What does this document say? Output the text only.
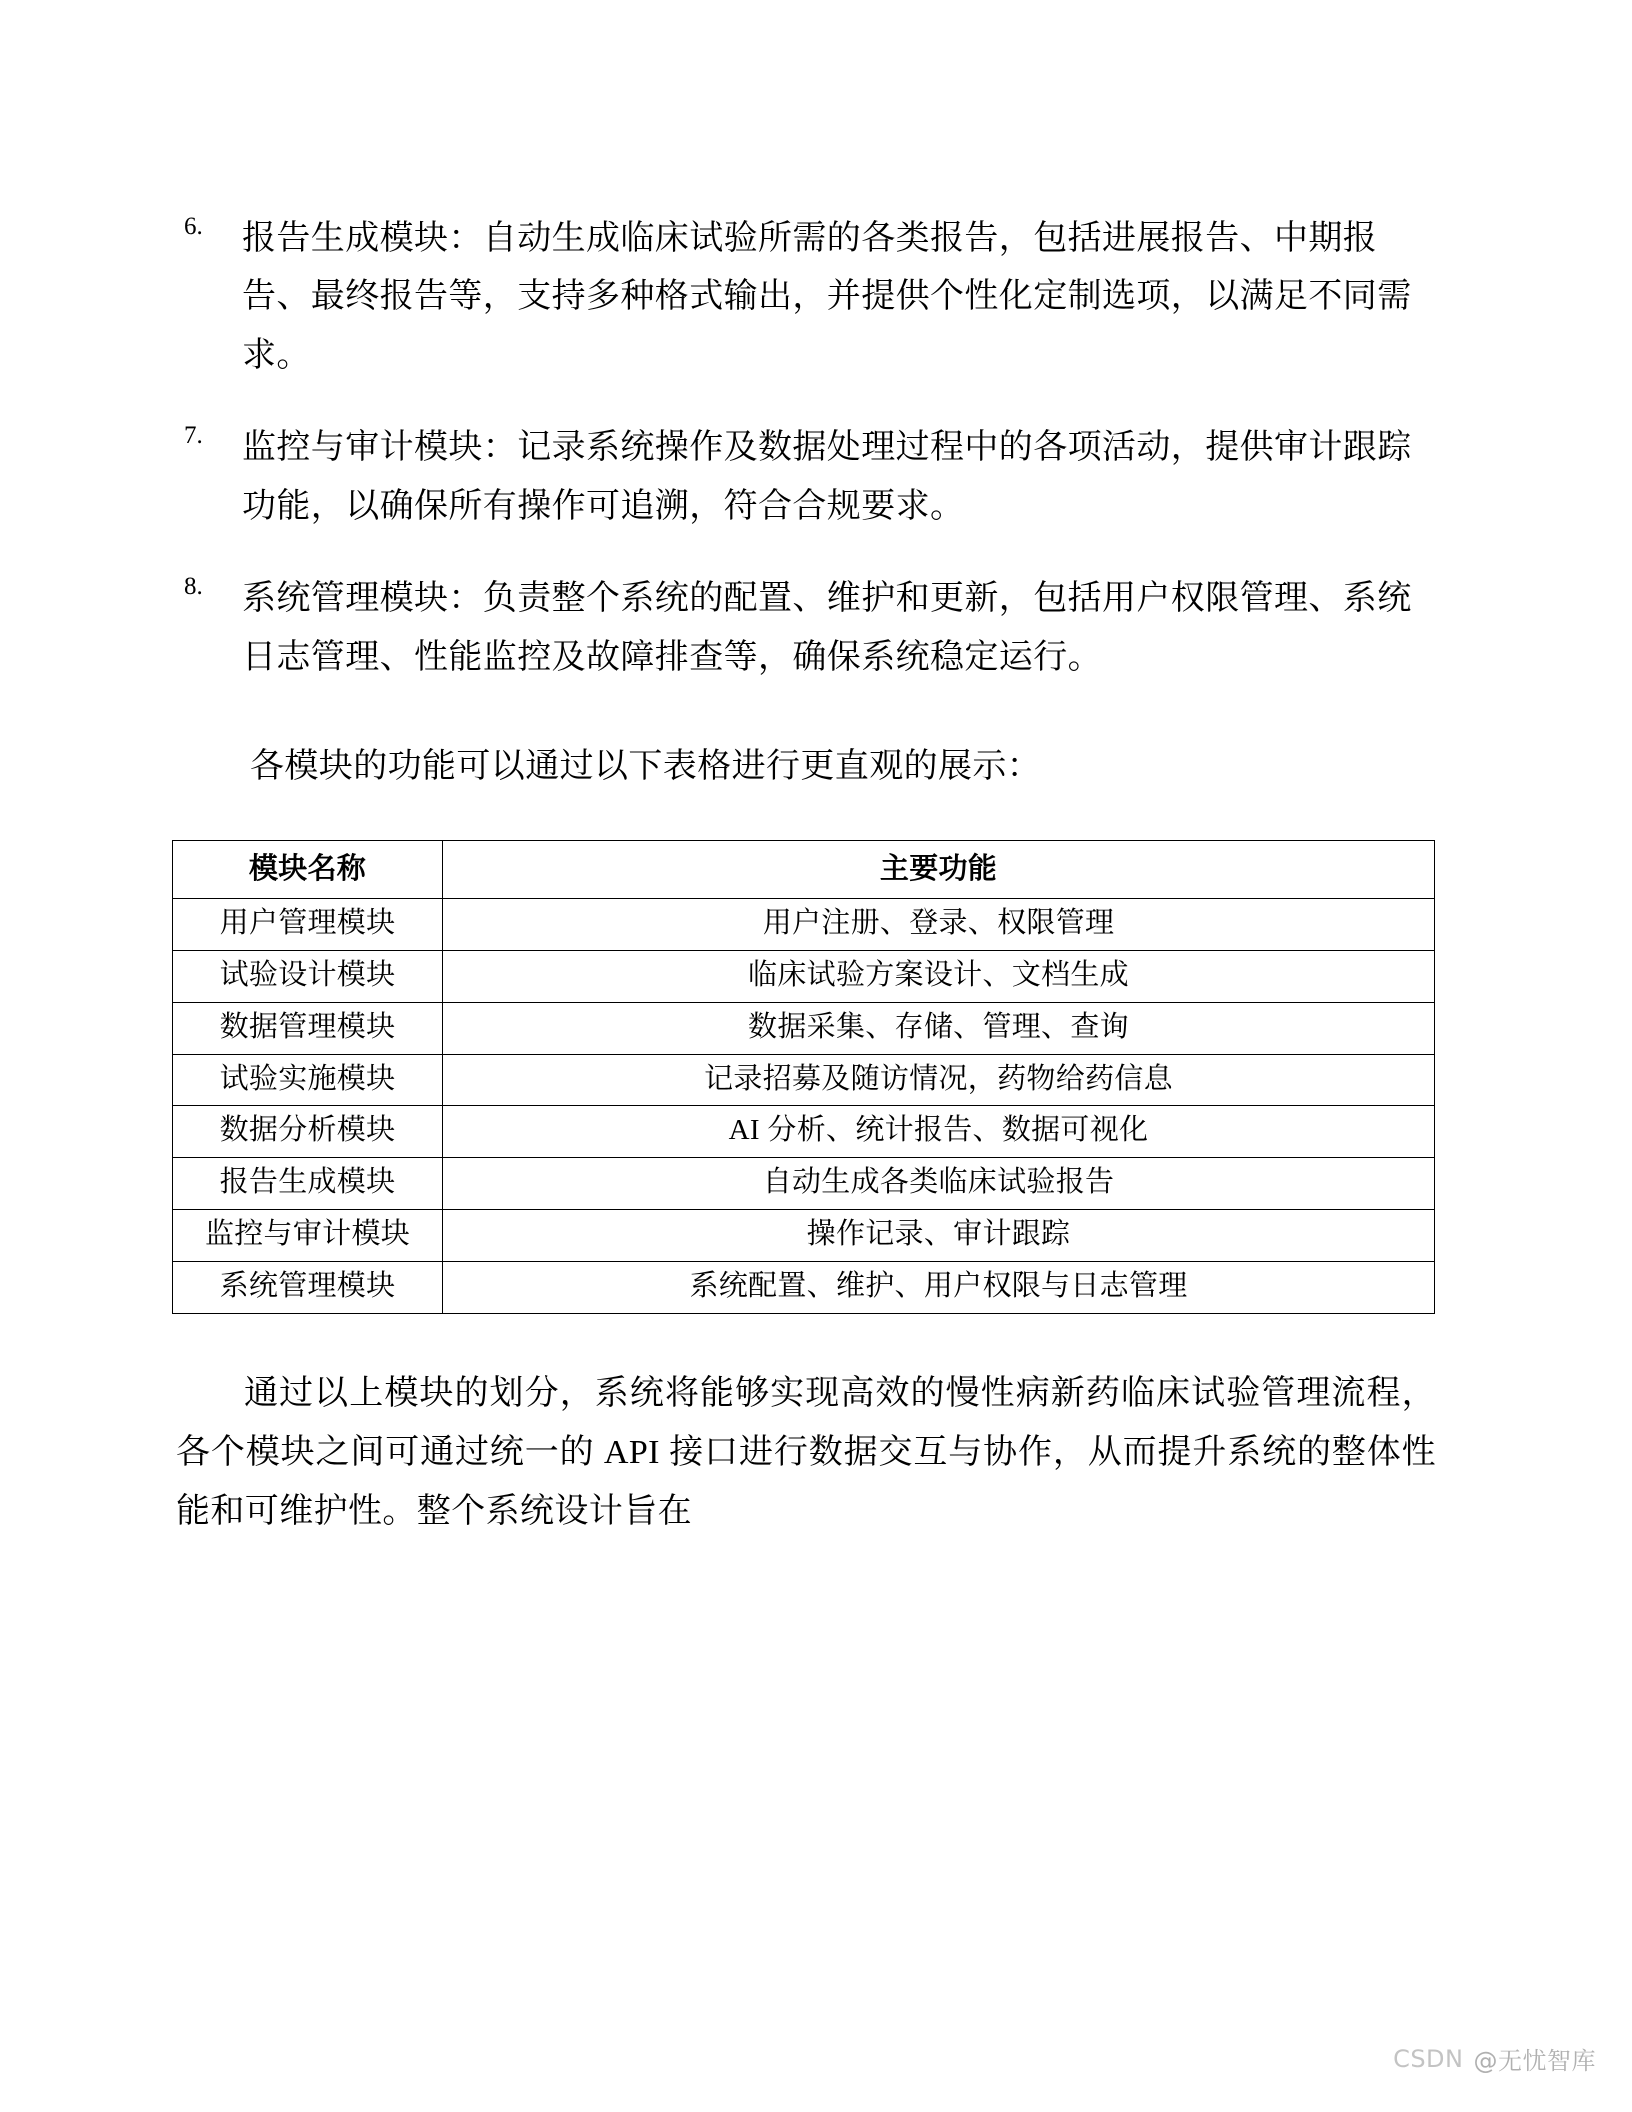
6. 报告生成模块：自动生成临床试验所需的各类报告，包括进展报告、中期报告、最终报告等，支持多种格式输出，并提供个性化定制选项，以满足不同需求。
7. 监控与审计模块：记录系统操作及数据处理过程中的各项活动，提供审计跟踪功能，以确保所有操作可追溯，符合合规要求。
8. 系统管理模块：负责整个系统的配置、维护和更新，包括用户权限管理、系统日志管理、性能监控及故障排查等，确保系统稳定运行。

各模块的功能可以通过以下表格进行更直观的展示：

模块名称	主要功能
用户管理模块	用户注册、登录、权限管理
试验设计模块	临床试验方案设计、文档生成
数据管理模块	数据采集、存储、管理、查询
试验实施模块	记录招募及随访情况，药物给药信息
数据分析模块	AI 分析、统计报告、数据可视化
报告生成模块	自动生成各类临床试验报告
监控与审计模块	操作记录、审计跟踪
系统管理模块	系统配置、维护、用户权限与日志管理

通过以上模块的划分，系统将能够实现高效的慢性病新药临床试验管理流程，各个模块之间可通过统一的 API 接口进行数据交互与协作，从而提升系统的整体性能和可维护性。整个系统设计旨在

CSDN @无忧智库
